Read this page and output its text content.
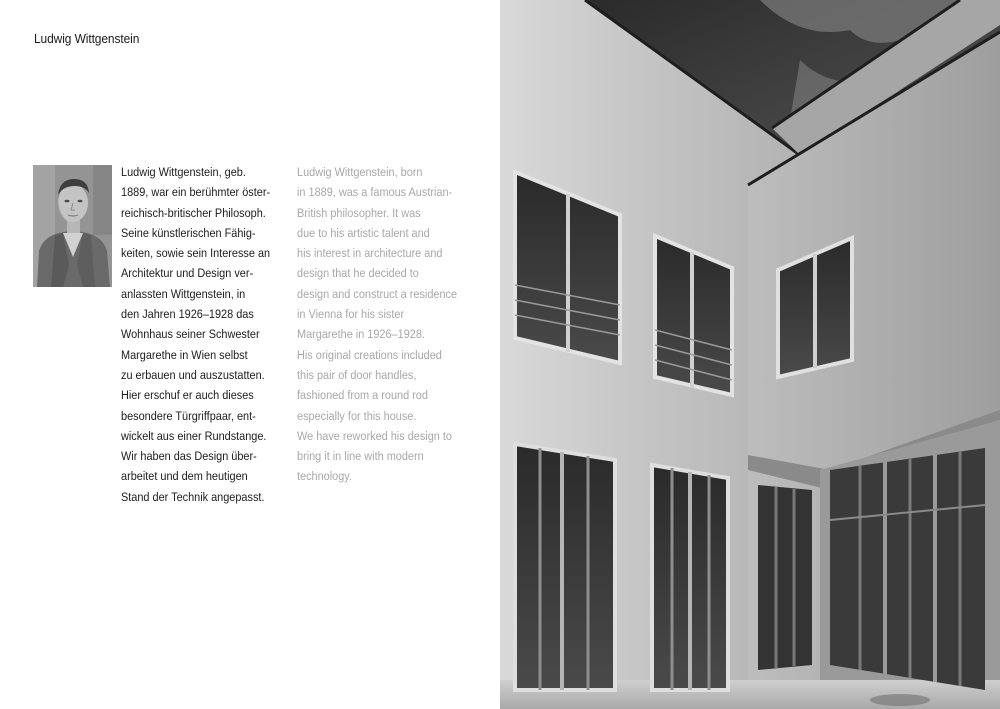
Ludwig Wittgenstein
Ludwig Wittgenstein, geb.
1889, war ein berühmter öster-
reichisch-britischer Philosoph.
Seine künstlerischen Fähig-
keiten, sowie sein Interesse an
Architektur und Design ver-
anlassten Wittgenstein, in
den Jahren 1926–1928 das
Wohnhaus seiner Schwester
Margarethe in Wien selbst
zu erbauen und auszustatten.
Hier erschuf er auch dieses
besondere Türgriffpaar, ent-
wickelt aus einer Rundstange.
Wir haben das Design über-
arbeitet und dem heutigen
Stand der Technik angepasst.
Ludwig Wittgenstein, born
in 1889, was a famous Austrian-
British philosopher. It was
due to his artistic talent and
his interest in architecture and
design that he decided to
design and construct a residence
in Vienna for his sister
Margarethe in 1926–1928.
His original creations included
this pair of door handles,
fashioned from a round rod
especially for this house.
We have reworked his design to
bring it in line with modern
technology.
